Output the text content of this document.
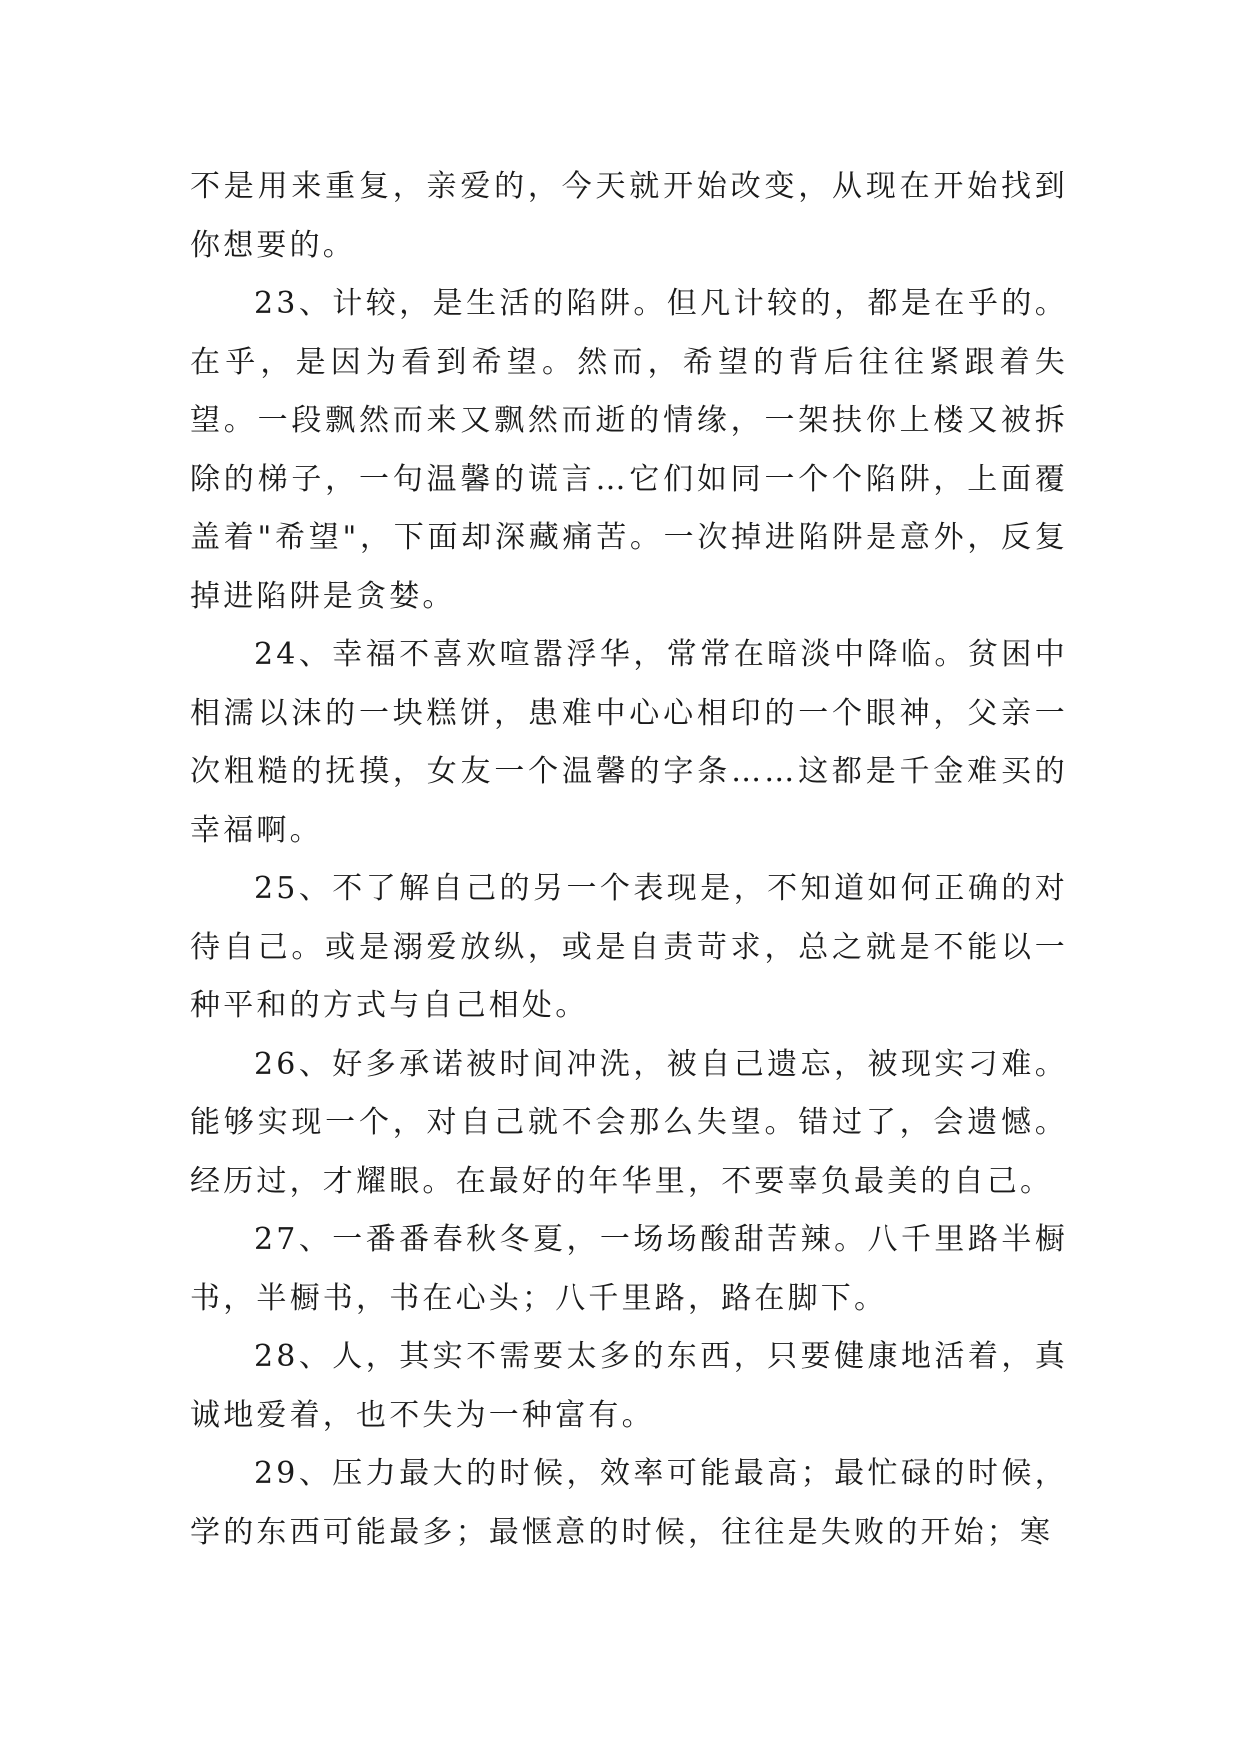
不是用来重复，亲爱的，今天就开始改变，从现在开始找到你想要的。

23、计较，是生活的陷阱。但凡计较的，都是在乎的。在乎，是因为看到希望。然而，希望的背后往往紧跟着失望。一段飘然而来又飘然而逝的情缘，一架扶你上楼又被拆除的梯子，一句温馨的谎言…它们如同一个个陷阱，上面覆盖着"希望"，下面却深藏痛苦。一次掉进陷阱是意外，反复掉进陷阱是贪婪。

24、幸福不喜欢喧嚣浮华，常常在暗淡中降临。贫困中相濡以沫的一块糕饼，患难中心心相印的一个眼神，父亲一次粗糙的抚摸，女友一个温馨的字条……这都是千金难买的幸福啊。

25、不了解自己的另一个表现是，不知道如何正确的对待自己。或是溺爱放纵，或是自责苛求，总之就是不能以一种平和的方式与自己相处。

26、好多承诺被时间冲洗，被自己遗忘，被现实刁难。能够实现一个，对自己就不会那么失望。错过了，会遗憾。经历过，才耀眼。在最好的年华里，不要辜负最美的自己。

27、一番番春秋冬夏，一场场酸甜苦辣。八千里路半橱书，半橱书，书在心头；八千里路，路在脚下。

28、人，其实不需要太多的东西，只要健康地活着，真诚地爱着，也不失为一种富有。

29、压力最大的时候，效率可能最高；最忙碌的时候，学的东西可能最多；最惬意的时候，往往是失败的开始；寒
